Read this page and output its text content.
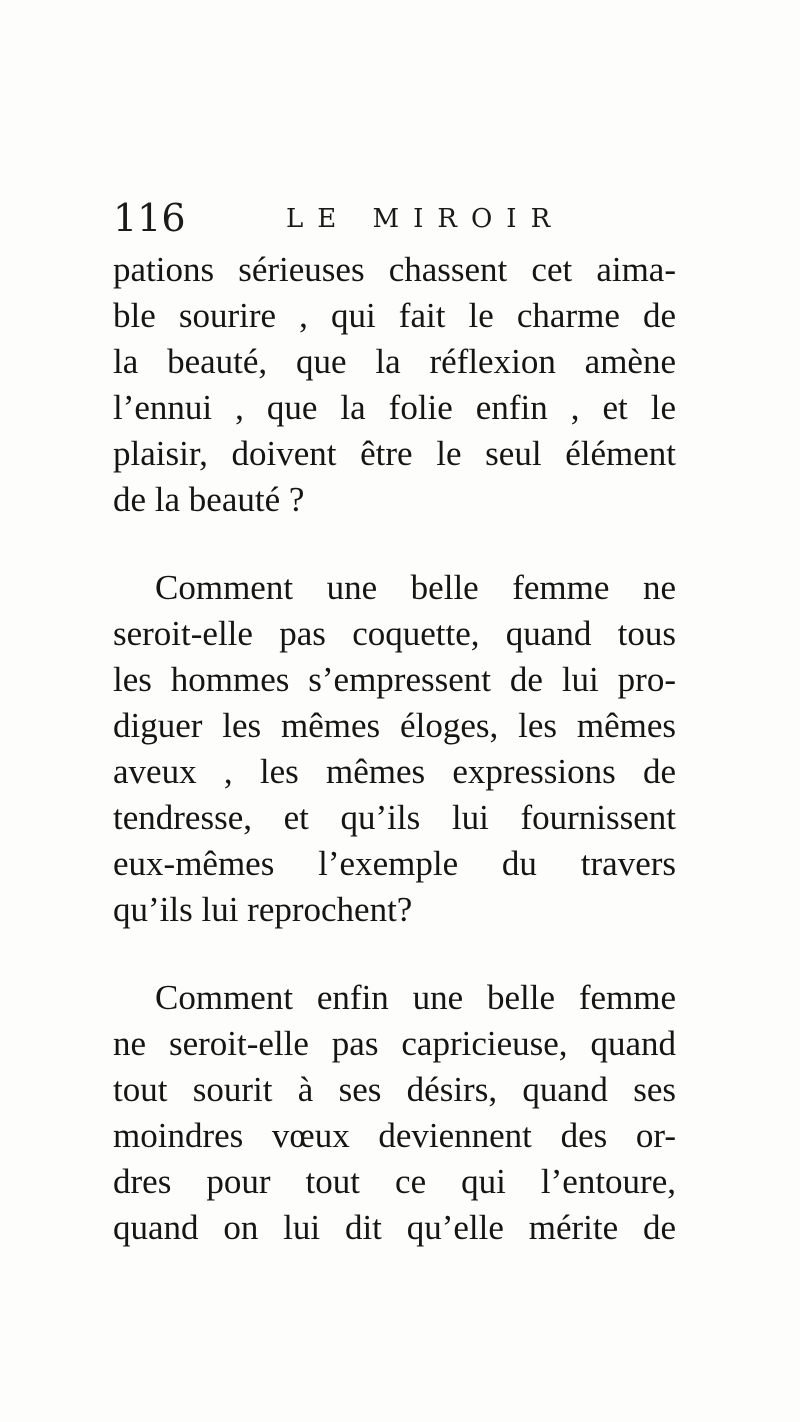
116	LE MIROIR
pations sérieuses chassent cet aima-
ble sourire , qui fait le charme de
la beauté, que la réflexion amène
l’ennui , que la folie enfin , et le
plaisir, doivent être le seul élément
de la beauté ?
Comment une belle femme ne
seroit-elle pas coquette, quand tous
les hommes s’empressent de lui pro-
diguer les mêmes éloges, les mêmes
aveux , les mêmes expressions de
tendresse, et qu’ils lui fournissent
eux-mêmes l’exemple du travers
qu’ils lui reprochent?
Comment enfin une belle femme
ne seroit-elle pas capricieuse, quand
tout sourit à ses désirs, quand ses
moindres vœux deviennent des or-
dres pour tout ce qui l’entoure,
quand on lui dit qu’elle mérite de
